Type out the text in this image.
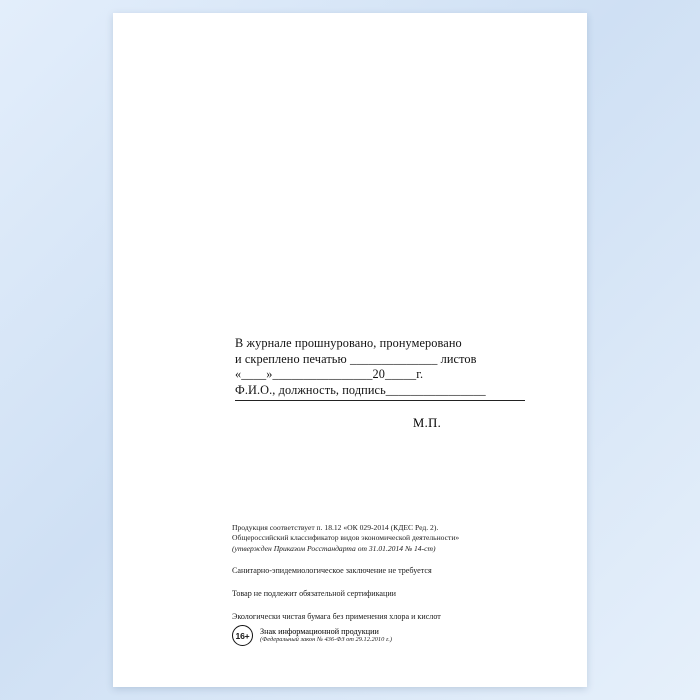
В журнале прошнуровано, пронумеровано
и скреплено печатью ______________ листов
«____»________________20_____г.
Ф.И.О., должность, подпись________________
М.П.
Продукция соответствует п. 18.12 «ОК 029-2014 (КДЕС Ред. 2).
Общероссийский классификатор видов экономической деятельности»
(утвержден Приказом Росстандарта от 31.01.2014 № 14-ст)
Санитарно-эпидемиологическое заключение не требуется
Товар не подлежит обязательной сертификации
Экологически чистая бумага без применения хлора и кислот
16+	Знак информационной продукции
(Федеральный закон № 436-ФЗ от 29.12.2010 г.)
